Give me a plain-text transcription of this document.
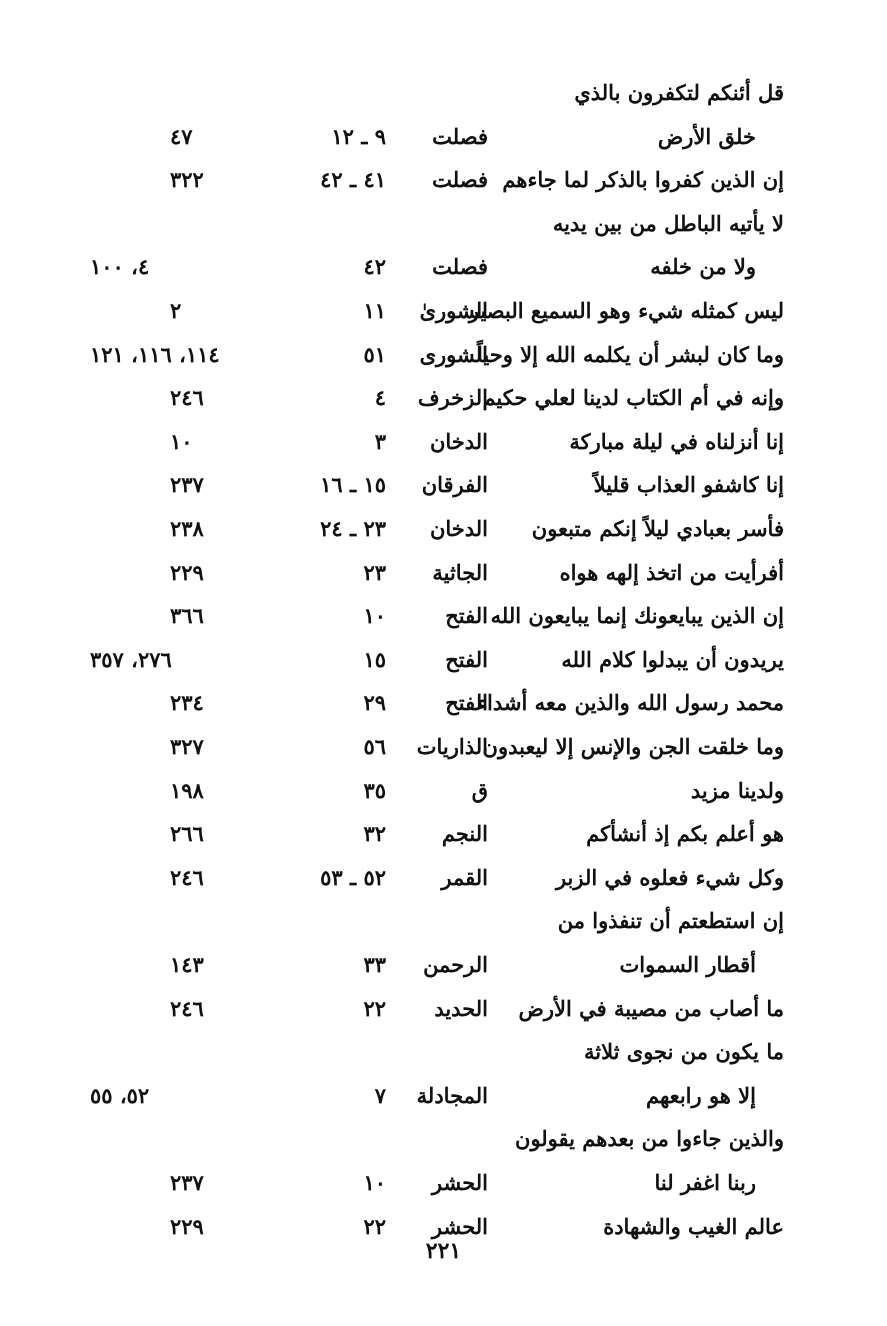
قل أئنكم لتكفرون بالذي
خلق الأرض
فصلت
٩ ـ ١٢
٤٧
إن الذين كفروا بالذكر لما جاءهم
فصلت
٤١ ـ ٤٢
٣٢٢
لا يأتيه الباطل من بين يديه
ولا من خلفه
فصلت
٤٢
٤، ١٠٠
ليس كمثله شيء وهو السميع البصير
الشورىٰ
١١
٢
وما كان لبشر أن يكلمه الله إلا وحياً
الشورى
٥١
١١٤، ١١٦، ١٢١
وإنه في أم الكتاب لدينا لعلي حكيم
الزخرف
٤
٢٤٦
إنا أنزلناه في ليلة مباركة
الدخان
٣
١٠
إنا كاشفو العذاب قليلاً
الفرقان
١٥ ـ ١٦
٢٣٧
فأسر بعبادي ليلاً إنكم متبعون
الدخان
٢٣ ـ ٢٤
٢٣٨
أفرأيت من اتخذ إلهه هواه
الجاثية
٢٣
٢٢٩
إن الذين يبايعونك إنما يبايعون الله
الفتح
١٠
٣٦٦
يريدون أن يبدلوا كلام الله
الفتح
١٥
٢٧٦، ٣٥٧
محمد رسول الله والذين معه أشداء
الفتح
٢٩
٢٣٤
وما خلقت الجن والإنس إلا ليعبدون
الذاريات
٥٦
٣٢٧
ولدينا مزيد
ق
٣٥
١٩٨
هو أعلم بكم إذ أنشأكم
النجم
٣٢
٢٦٦
وكل شيء فعلوه في الزبر
القمر
٥٢ ـ ٥٣
٢٤٦
إن استطعتم أن تنفذوا من
أقطار السموات
الرحمن
٣٣
١٤٣
ما أصاب من مصيبة في الأرض
الحديد
٢٢
٢٤٦
ما يكون من نجوى ثلاثة
إلا هو رابعهم
المجادلة
٧
٥٢، ٥٥
والذين جاءوا من بعدهم يقولون
ربنا اغفر لنا
الحشر
١٠
٢٣٧
عالم الغيب والشهادة
الحشر
٢٢
٢٢٩
٢٢١
